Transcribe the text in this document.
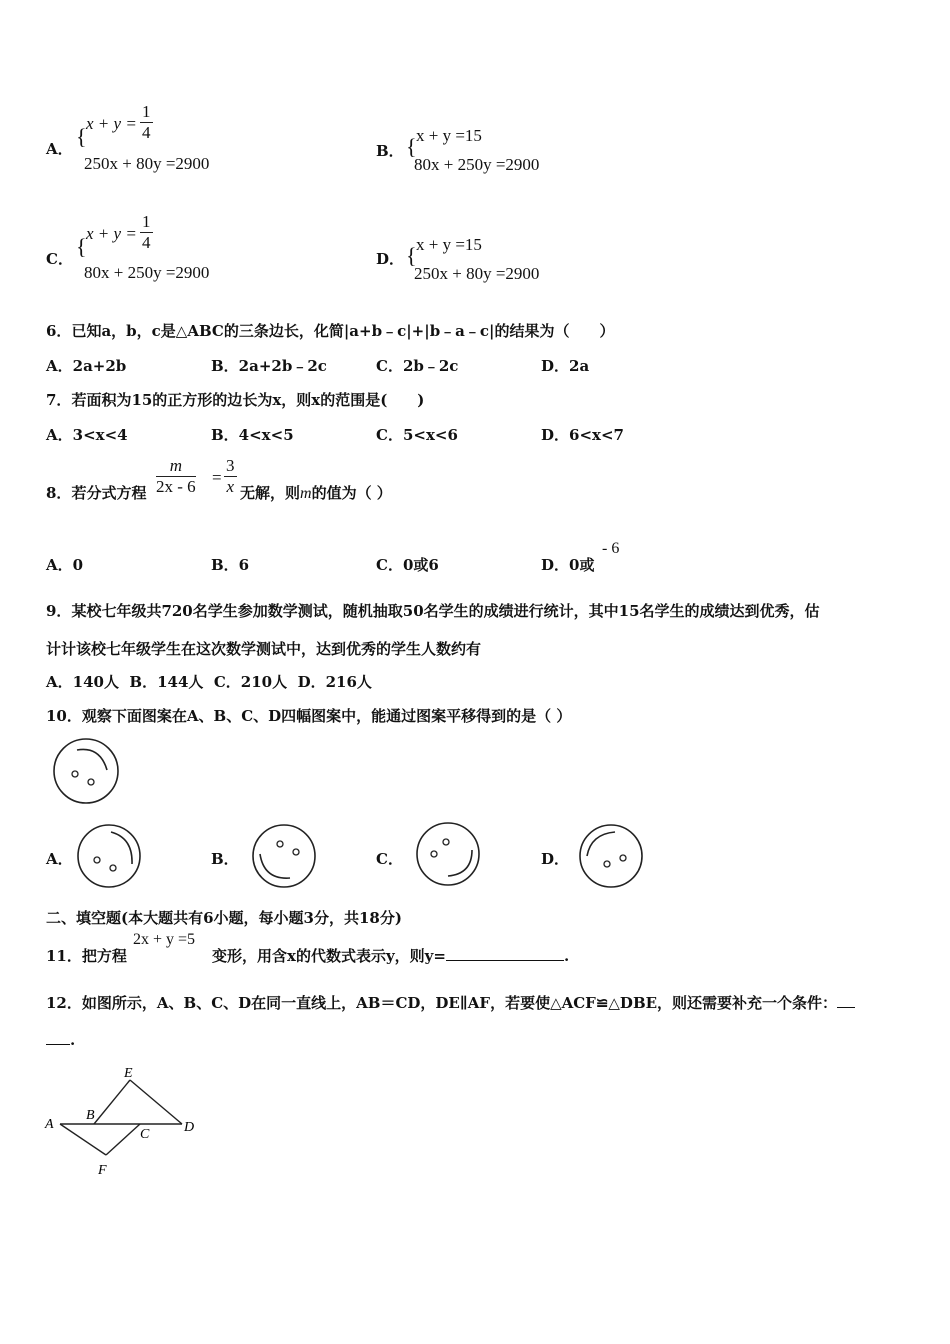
A． {
$x + y = \frac{1}{4}$
250x + 80y =2900
B． { x + y =15
80x + 250y =2900
C． {
$x + y = \frac{1}{4}$
80x + 250y =2900
D． { x + y =15
250x + 80y =2900
6．已知a，b，c是△ABC的三条边长，化简|a+b﹣c|+|b﹣a﹣c|的结果为（　　）
A．2a+2b	B．2a+2b﹣2c	C．2b﹣2c	D．2a
7．若面积为15的正方形的边长为x，则x的范围是(　　)
A．3<x<4	B．4<x<5	C．5<x<6	D．6<x<7
8．若分式方程 $\frac{m}{2x - 6} = \frac{3}{x}$ 无解，则m的值为（ ）
A．0	B．6	C．0或6	D．0或
- 6
9．某校七年级共720名学生参加数学测试，随机抽取50名学生的成绩进行统计，其中15名学生的成绩达到优秀，估
计计该校七年级学生在这次数学测试中，达到优秀的学生人数约有
A．140人 B．144人 C．210人 D．216人
10．观察下面图案在A、B、C、D四幅图案中，能通过图案平移得到的是（ ）
A．	B．	C．	D．
二、填空题(本大题共有6小题，每小题3分，共18分)
11．把方程
2x + y =5
变形，用含x的代数式表示y，则y=	.
12．如图所示，A、B、C、D在同一直线上，AB＝CD，DE∥AF，若要使△ACF≌△DBE，则还需要补充一个条件：
.
A
B
C D
E
F
